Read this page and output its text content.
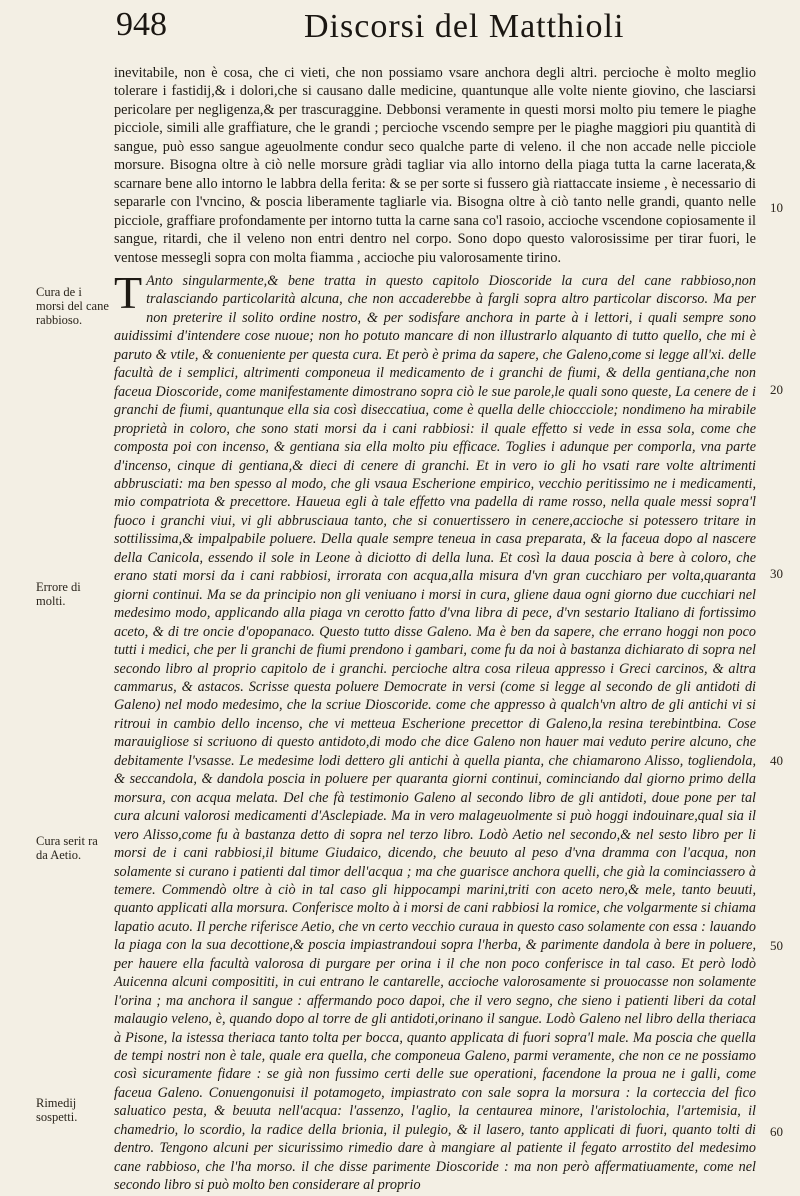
948	Discorsi del Matthioli

inevitabile, non è cosa, che ci vieti, che non possiamo vsare anchora degli altri. percioche è molto meglio tolerare i fastidij,& i dolori,che si causano dalle medicine, quantunque alle volte niente giovino, che lasciarsi pericolare per negligenza,& per trascuraggine. Debbonsi veramente in questi morsi molto piu temere le piaghe picciole, simili alle graffiature, che le grandi ; percioche vscendo sempre per le piaghe maggiori piu quantità di sangue, può esso sangue ageuolmente condur seco qualche parte di veleno. il che non accade nelle picciole morsure. Bisogna oltre à ciò nelle morsure gràdi tagliar via allo intorno della piaga tutta la carne lacerata,& scarnare bene allo intorno le labbra della ferita: & se per sorte si fussero già riattaccate insieme , è necessario di separarle con l'vncino, & poscia liberamente tagliarle via. Bisogna oltre à ciò tanto nelle grandi, quanto nelle picciole, graffiare profondamente per intorno tutta la carne sana co'l rasoio, accioche vscendone copiosamente il sangue, ritardi, che il veleno non entri dentro nel corpo. Sono dopo questo valorosissime per tirar fuori, le ventose messegli sopra con molta fiamma , accioche piu valorosamente tirino.

T Anto singularmente,& bene tratta in questo capitolo Dioscoride la cura del cane rabbioso,non tralasciando particolarità alcuna, che non accaderebbe à fargli sopra altro particolar discorso. Ma per non preterire il solito ordine nostro, & per sodisfare anchora in parte à i lettori, i quali sempre sono auidissimi d'intendere cose nuoue; non ho potuto mancare di non illustrarlo alquanto di tutto quello, che mi è paruto & vtile, & conueniente per questa cura. Et però è prima da sapere, che Galeno,come si legge all'xi. delle facultà de i semplici, altrimenti componeua il medicamento de i granchi de fiumi, & della gentiana,che non faceua Dioscoride, come manifestamente dimostrano sopra ciò le sue parole,le quali sono queste, La cenere de i granchi de fiumi, quantunque ella sia così diseccatiua, come è quella delle chioccciole; nondimeno ha mirabile proprietà in coloro, che sono stati morsi da i cani rabbiosi: il quale effetto si vede in essa sola, come che composta poi con incenso, & gentiana sia ella molto piu efficace. Toglies i adunque per comporla, vna parte d'incenso, cinque di gentiana,& dieci di cenere di granchi. Et in vero io gli ho vsati rare volte altrimenti abbrusciati: ma ben spesso al modo, che gli vsaua Escherione empirico, vecchio peritissimo ne i medicamenti, mio compatriota & precettore. Haueua egli à tale effetto vna padella di rame rosso, nella quale messi sopra'l fuoco i granchi viui, vi gli abbrusciaua tanto, che si conuertissero in cenere,accioche si potessero tritare in sottilissima,& impalpabile poluere. Della quale sempre teneua in casa preparata, & la faceua dopo al nascere della Canicola, essendo il sole in Leone à diciotto di della luna. Et così la daua poscia à bere à coloro, che erano stati morsi da i cani rabbiosi, irrorata con acqua,alla misura d'vn gran cucchiaro per volta,quaranta giorni continui. Ma se da principio non gli veniuano i morsi in cura, gliene daua ogni giorno due cucchiari nel medesimo modo, applicando alla piaga vn cerotto fatto d'vna libra di pece, d'vn sestario Italiano di fortissimo aceto, & di tre oncie d'opopanaco. Questo tutto disse Galeno. Ma è ben da sapere, che errano hoggi non poco tutti i medici, che per li granchi de fiumi prendono i gambari, come fu da noi à bastanza dichiarato di sopra nel secondo libro al proprio capitolo de i granchi. percioche altra cosa rileua appresso i Greci carcinos, & altra cammarus, & astacos. Scrisse questa poluere Democrate in versi (come si legge al secondo de gli antidoti di Galeno) nel modo medesimo, che la scriue Dioscoride. come che appresso à qualch'vn altro de gli antichi vi si ritroui in cambio dello incenso, che vi metteua Escherione precettor di Galeno,la resina terebintbina. Cose marauigliose si scriuono di questo antidoto,di modo che dice Galeno non hauer mai veduto perire alcuno, che debitamente l'vsasse. Le medesime lodi dettero gli antichi à quella pianta, che chiamarono Alisso, togliendola, & seccandola, & dandola poscia in poluere per quaranta giorni continui, cominciando dal giorno primo della morsura, con acqua melata. Del che fà testimonio Galeno al secondo libro de gli antidoti, doue pone per tal cura alcuni valorosi medicamenti d'Asclepiade. Ma in vero malageuolmente si può hoggi indouinare,qual sia il vero Alisso,come fu à bastanza detto di sopra nel terzo libro. Lodò Aetio nel secondo,& nel sesto libro per li morsi de i cani rabbiosi,il bitume Giudaico, dicendo, che beuuto al peso d'vna dramma con l'acqua, non solamente si curano i patienti dal timor dell'acqua ; ma che guarisce anchora quelli, che già la cominciassero à temere. Commendò oltre à ciò in tal caso gli hippocampi marini,triti con aceto nero,& mele, tanto beuuti, quanto applicati alla morsura. Conferisce molto à i morsi de cani rabbiosi la romice, che volgarmente si chiama lapatio acuto. Il perche riferisce Aetio, che vn certo vecchio curaua in questo caso solamente con essa : lauando la piaga con la sua decottione,& poscia impiastrandoui sopra l'herba, & parimente dandola à bere in poluere, per hauere ella facultà valorosa di purgare per orina i il che non poco conferisce in tal caso. Et però lodò Auicenna alcuni composititi, in cui entrano le cantarelle, accioche valorosamente si prouocasse non solamente l'orina ; ma anchora il sangue : affermando poco dapoi, che il vero segno, che sieno i patienti liberi da cotal malaugio veleno, è, quando dopo al torre de gli antidoti,orinano il sangue. Lodò Galeno nel libro della theriaca à Pisone, la istessa theriaca tanto tolta per bocca, quanto applicata di fuori sopra'l male. Ma poscia che quella de tempi nostri non è tale, quale era quella, che componeua Galeno, parmi veramente, che non ce ne possiamo così sicuramente fidare : se già non fussimo certi delle sue operationi, facendone la proua ne i galli, come faceua Galeno. Conuengonuisi il potamogeto, impiastrato con sale sopra la morsura : la corteccia del fico saluatico pesta, & beuuta nell'acqua: l'assenzo, l'aglio, la centaurea minore, l'aristolochia, l'artemisia, il chamedrio, lo scordio, la radice della brionia, il pulegio, & il lasero, tanto applicati di fuori, quanto tolti di dentro. Tengono alcuni per sicurissimo rimedio dare à mangiare al patiente il fegato arrostito del medesimo cane rabbioso, che l'ha morso. il che disse parimente Dioscoride : ma non però affermatiuamente, come nel secondo libro si può molto ben considerare al proprio
Cura de i morsi del cane rabbioso.
Errore di molti.
Cura serit ra da Aetio.
Rimedij sospetti.
10
20
30
40
50
60
